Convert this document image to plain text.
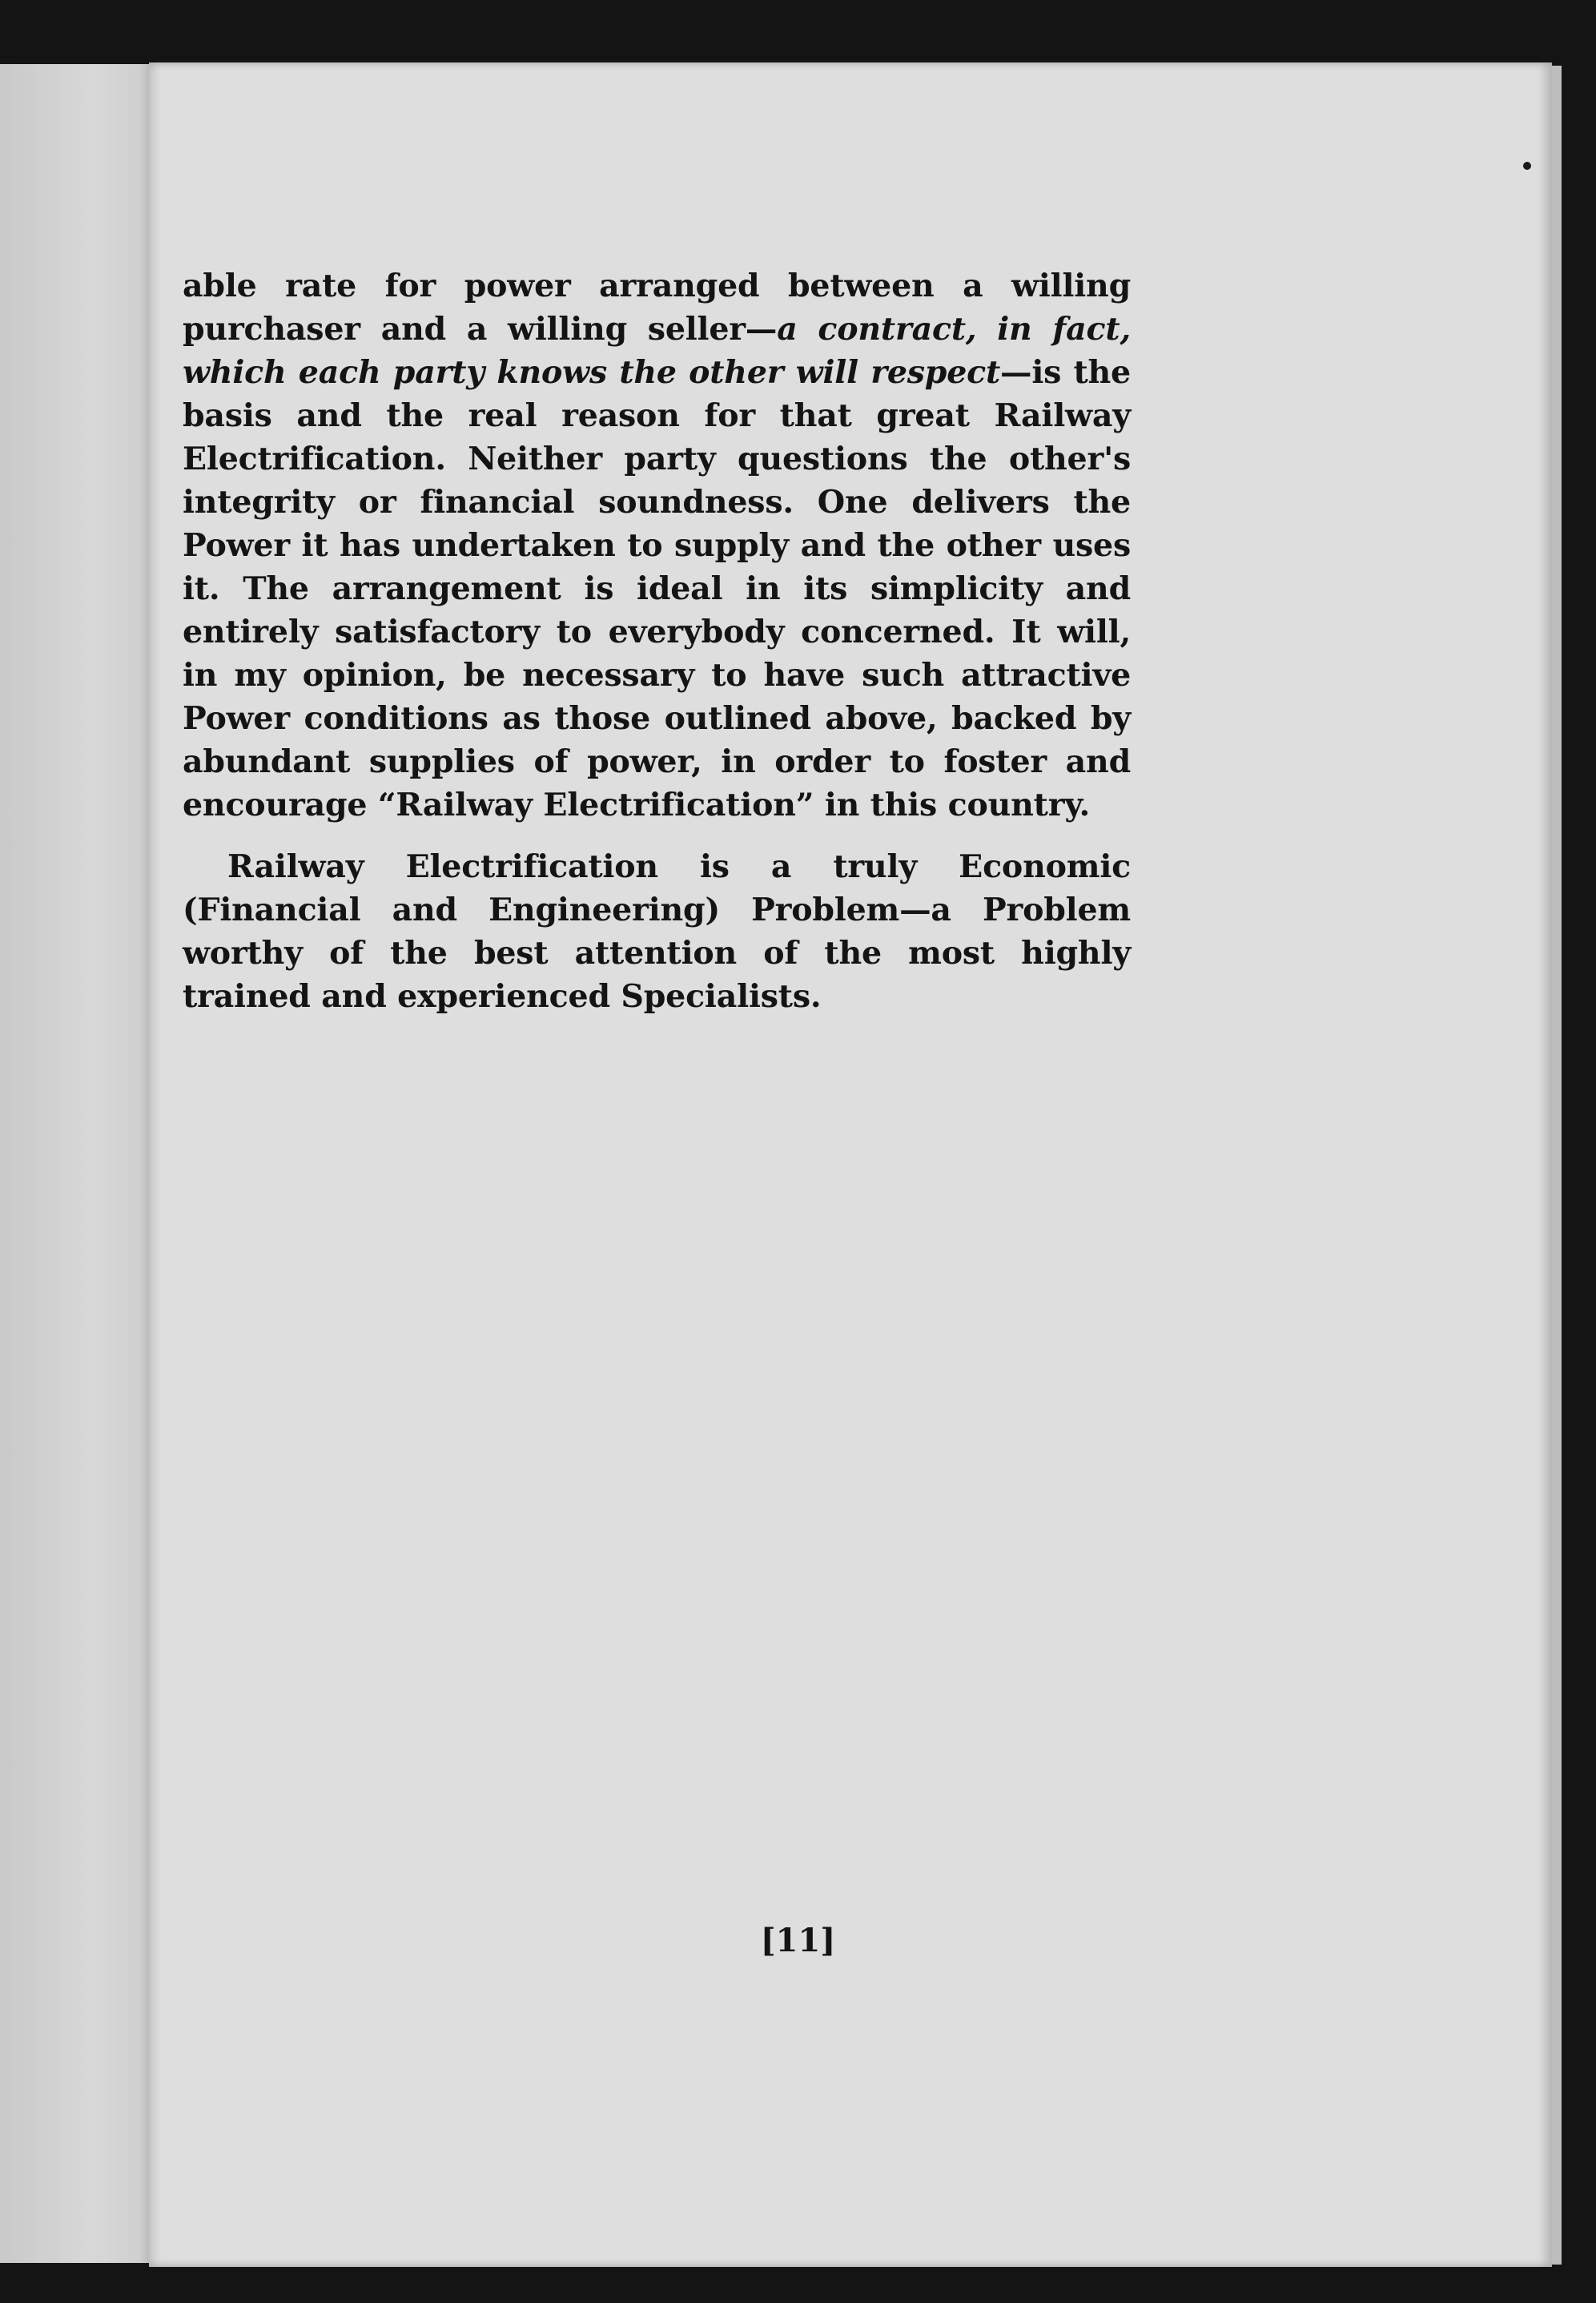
able rate for power arranged between a willing purchaser and a willing seller—a contract, in fact, which each party knows the other will respect—is the basis and the real reason for that great Railway Electrification. Neither party questions the other's integrity or financial soundness. One delivers the Power it has undertaken to supply and the other uses it. The arrangement is ideal in its simplicity and entirely satisfactory to everybody concerned. It will, in my opinion, be necessary to have such attractive Power conditions as those outlined above, backed by abundant supplies of power, in order to foster and encourage “Railway Electrification” in this country.

Railway Electrification is a truly Economic (Financial and Engineering) Problem—a Problem worthy of the best attention of the most highly trained and experienced Specialists.

[11]
